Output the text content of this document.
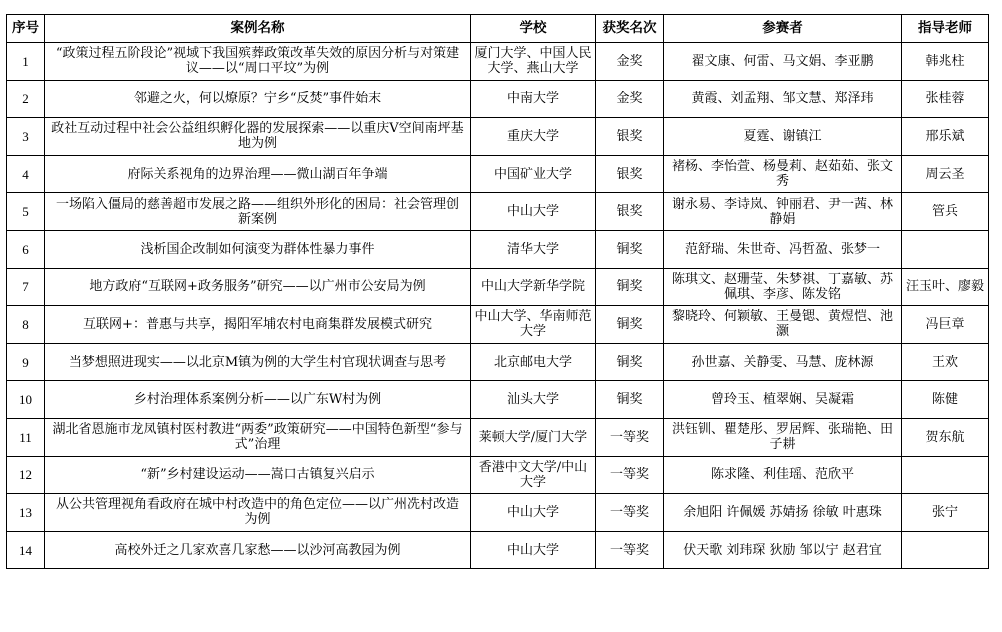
序号	案例名称	学校	获奖名次	参赛者	指导老师

1	“政策过程五阶段论”视域下我国殡葬政策改革失效的原因分析与对策建议——以“周口平坟”为例	厦门大学、中国人民大学、燕山大学	金奖	翟文康、何雷、马文娟、李亚鹏	韩兆柱

2	邻避之火，何以燎原？宁乡“反焚”事件始末	中南大学	金奖	黄霞、刘孟翔、邹文慧、郑泽玮	张桂蓉

3	政社互动过程中社会公益组织孵化器的发展探索——以重庆V空间南坪基地为例	重庆大学	银奖	夏霆、谢镇江	邢乐斌

4	府际关系视角的边界治理——微山湖百年争端	中国矿业大学	银奖	褚杨、李怡萱、杨曼莉、赵茹茹、张文秀	周云圣

5	一场陷入僵局的慈善超市发展之路——组织外形化的困局：社会管理创新案例	中山大学	银奖	谢永易、李诗岚、钟丽君、尹一茜、林静娟	管兵

6	浅析国企改制如何演变为群体性暴力事件	清华大学	铜奖	范舒瑞、朱世奇、冯哲盈、张梦一	

7	地方政府“互联网+政务服务”研究——以广州市公安局为例	中山大学新华学院	铜奖	陈琪文、赵珊莹、朱梦祺、丁嘉敏、苏佩琪、李彦、陈发铭	汪玉叶、廖毅

8	互联网+：普惠与共享，揭阳军埔农村电商集群发展模式研究	中山大学、华南师范大学	铜奖	黎晓玲、何颖敏、王曼锶、黄煜恺、池灏	冯巨章

9	当梦想照进现实——以北京M镇为例的大学生村官现状调查与思考	北京邮电大学	铜奖	孙世嘉、关静雯、马慧、庞林源	王欢

10	乡村治理体系案例分析——以广东W村为例	汕头大学	铜奖	曾玲玉、植翠娴、吴凝霜	陈健

11	湖北省恩施市龙凤镇村医村教进“两委”政策研究——中国特色新型“参与式”治理	莱顿大学/厦门大学	一等奖	洪钰钏、瞿楚彤、罗居辉、张瑞艳、田子耕	贺东航

12	“新”乡村建设运动——嵩口古镇复兴启示	香港中文大学/中山大学	一等奖	陈求隆、利佳瑶、范欣平	

13	从公共管理视角看政府在城中村改造中的角色定位——以广州冼村改造为例	中山大学	一等奖	余旭阳 许佩媛 苏婧扬 徐敏 叶惠珠	张宁

14	高校外迁之几家欢喜几家愁——以沙河高教园为例	中山大学	一等奖	伏天歌 刘玮琛 狄励 邹以宁 赵君宜	
